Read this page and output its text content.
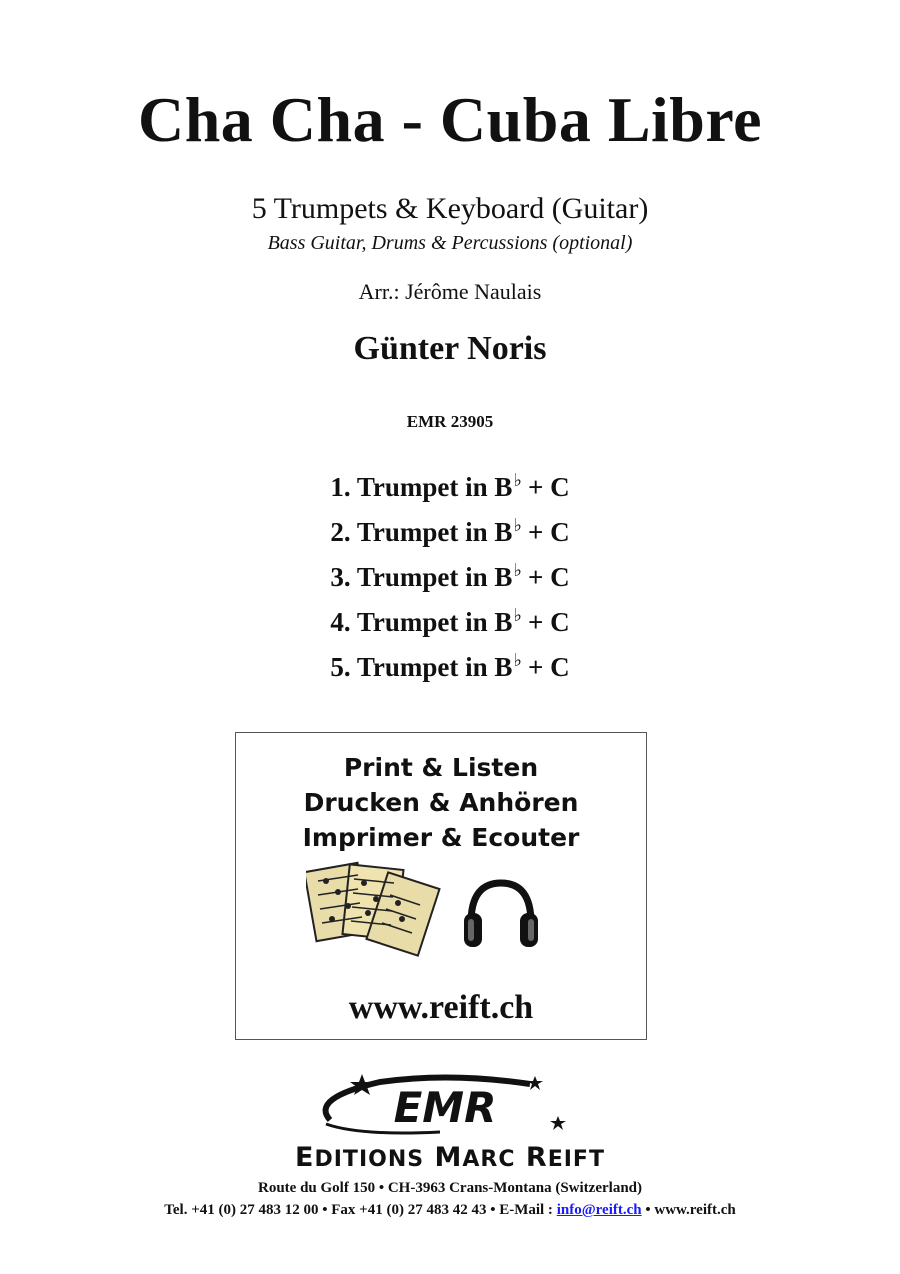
Cha Cha - Cuba Libre
5 Trumpets & Keyboard (Guitar)
Bass Guitar, Drums & Percussions (optional)
Arr.: Jérôme Naulais
Günter Noris
EMR 23905
1. Trumpet in B♭ + C
2. Trumpet in B♭ + C
3. Trumpet in B♭ + C
4. Trumpet in B♭ + C
5. Trumpet in B♭ + C
Print & Listen
Drucken & Anhören
Imprimer & Ecouter
www.reift.ch
EMR
EDITIONS MARC REIFT
Route du Golf 150 • CH-3963 Crans-Montana (Switzerland)
Tel. +41 (0) 27 483 12 00 • Fax +41 (0) 27 483 42 43 • E-Mail : info@reift.ch • www.reift.ch
